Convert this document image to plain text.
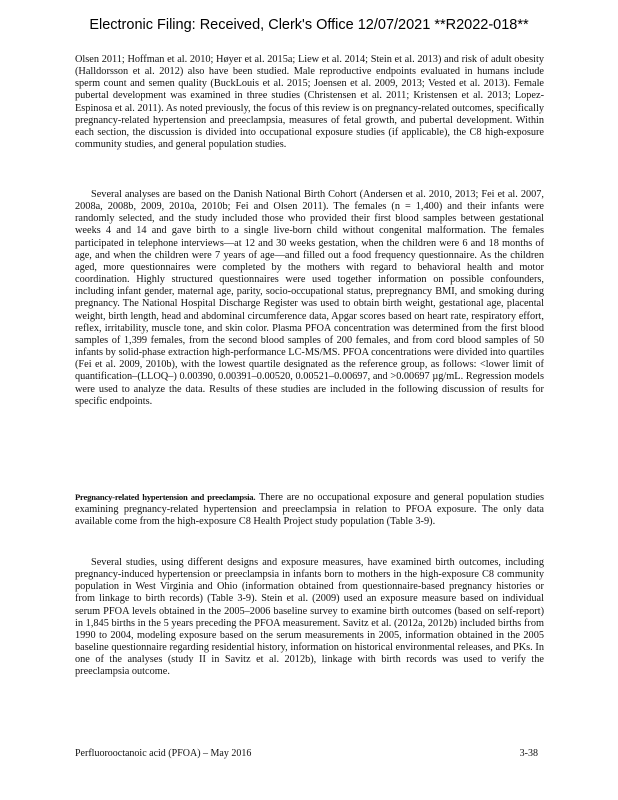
Electronic Filing: Received, Clerk's Office 12/07/2021 **R2022-018**

Olsen 2011; Hoffman et al. 2010; Høyer et al. 2015a; Liew et al. 2014; Stein et al. 2013) and risk of adult obesity (Halldorsson et al. 2012) also have been studied. Male reproductive endpoints evaluated in humans include sperm count and semen quality (BuckLouis et al. 2015; Joensen et al. 2009, 2013; Vested et al. 2013). Female pubertal development was examined in three studies (Christensen et al. 2011; Kristensen et al. 2013; Lopez-Espinosa et al. 2011). As noted previously, the focus of this review is on pregnancy-related outcomes, specifically pregnancy-related hypertension and preeclampsia, measures of fetal growth, and pubertal development. Within each section, the discussion is divided into occupational exposure studies (if applicable), the C8 high-exposure community studies, and general population studies.

Several analyses are based on the Danish National Birth Cohort (Andersen et al. 2010, 2013; Fei et al. 2007, 2008a, 2008b, 2009, 2010a, 2010b; Fei and Olsen 2011). The females (n = 1,400) and their infants were randomly selected, and the study included those who provided their first blood samples between gestational weeks 4 and 14 and gave birth to a single live-born child without congenital malformation. The females participated in telephone interviews—at 12 and 30 weeks gestation, when the children were 6 and 18 months of age, and when the children were 7 years of age—and filled out a food frequency questionnaire. As the children aged, more questionnaires were completed by the mothers with regard to behavioral health and motor coordination. Highly structured questionnaires were used together information on possible confounders, including infant gender, maternal age, parity, socio-occupational status, prepregnancy BMI, and smoking during pregnancy. The National Hospital Discharge Register was used to obtain birth weight, gestational age, placental weight, birth length, head and abdominal circumference data, Apgar scores based on heart rate, respiratory effort, reflex, irritability, muscle tone, and skin color. Plasma PFOA concentration was determined from the first blood samples of 1,399 females, from the second blood samples of 200 females, and from cord blood samples of 50 infants by solid-phase extraction high-performance LC-MS/MS. PFOA concentrations were divided into quartiles (Fei et al. 2009, 2010b), with the lowest quartile designated as the reference group, as follows: <lower limit of quantification–(LLOQ–) 0.00390, 0.00391–0.00520, 0.00521–0.00697, and >0.00697 µg/mL. Regression models were used to analyze the data. Results of these studies are included in the following discussion of results for specific endpoints.

Pregnancy-related hypertension and preeclampsia. There are no occupational exposure and general population studies examining pregnancy-related hypertension and preeclampsia in relation to PFOA exposure. The only data available come from the high-exposure C8 Health Project study population (Table 3-9).

Several studies, using different designs and exposure measures, have examined birth outcomes, including pregnancy-induced hypertension or preeclampsia in infants born to mothers in the high-exposure C8 community population in West Virginia and Ohio (information obtained from questionnaire-based pregnancy histories or from linkage to birth records) (Table 3-9). Stein et al. (2009) used an exposure measure based on individual serum PFOA levels obtained in the 2005–2006 baseline survey to examine birth outcomes (based on self-report) in 1,845 births in the 5 years preceding the PFOA measurement. Savitz et al. (2012a, 2012b) included births from 1990 to 2004, modeling exposure based on the serum measurements in 2005, information obtained in the 2005 baseline questionnaire regarding residential history, information on historical environmental releases, and PKs. In one of the analyses (study II in Savitz et al. 2012b), linkage with birth records was used to verify the preeclampsia outcome.

Perfluorooctanoic acid (PFOA) – May 2016	3-38
